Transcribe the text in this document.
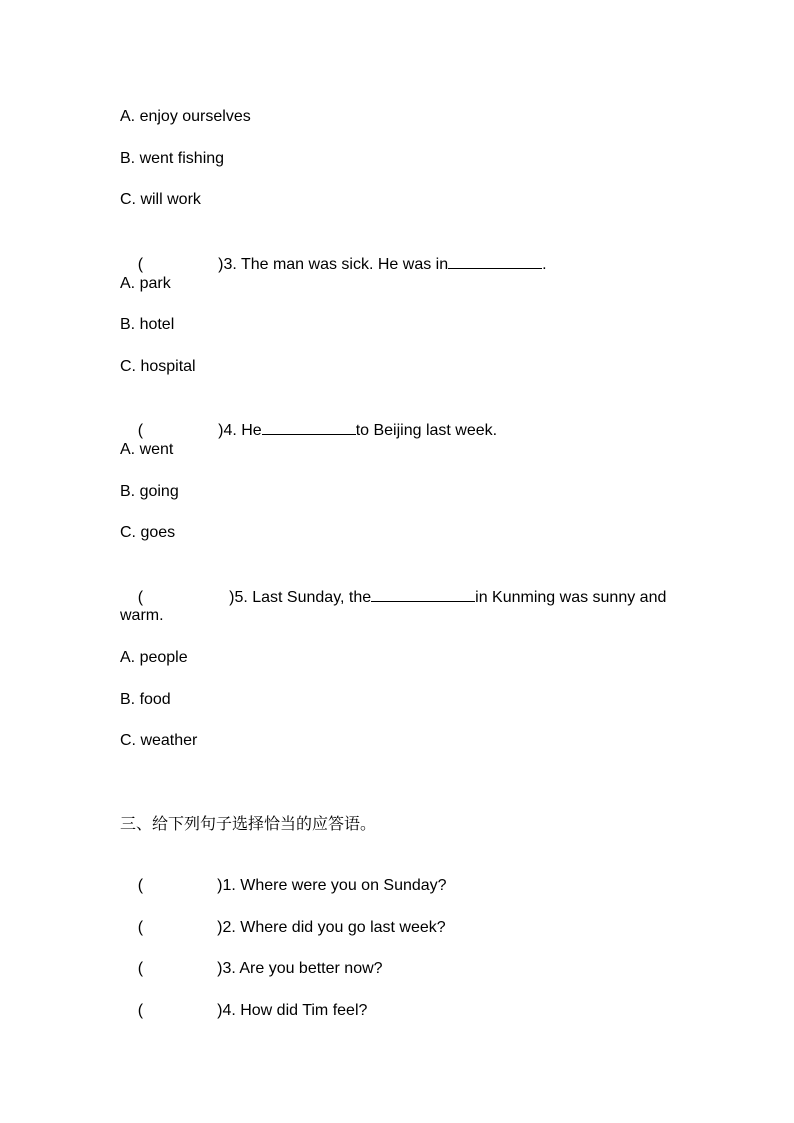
A. enjoy ourselves
B. went fishing
C. will work

(	)3. The man was sick. He was in	.

A. park
B. hotel
C. hospital

(	)4. He	to Beijing last week.

A. went
B. going
C. goes

(	)5. Last Sunday, the	in Kunming was sunny and

warm.
A. people
B. food
C. weather
三、给下列句子选择恰当的应答语。

(	)1. Where were you on Sunday?

(	)2. Where did you go last week?

(	)3. Are you better now?

(	)4. How did Tim feel?
